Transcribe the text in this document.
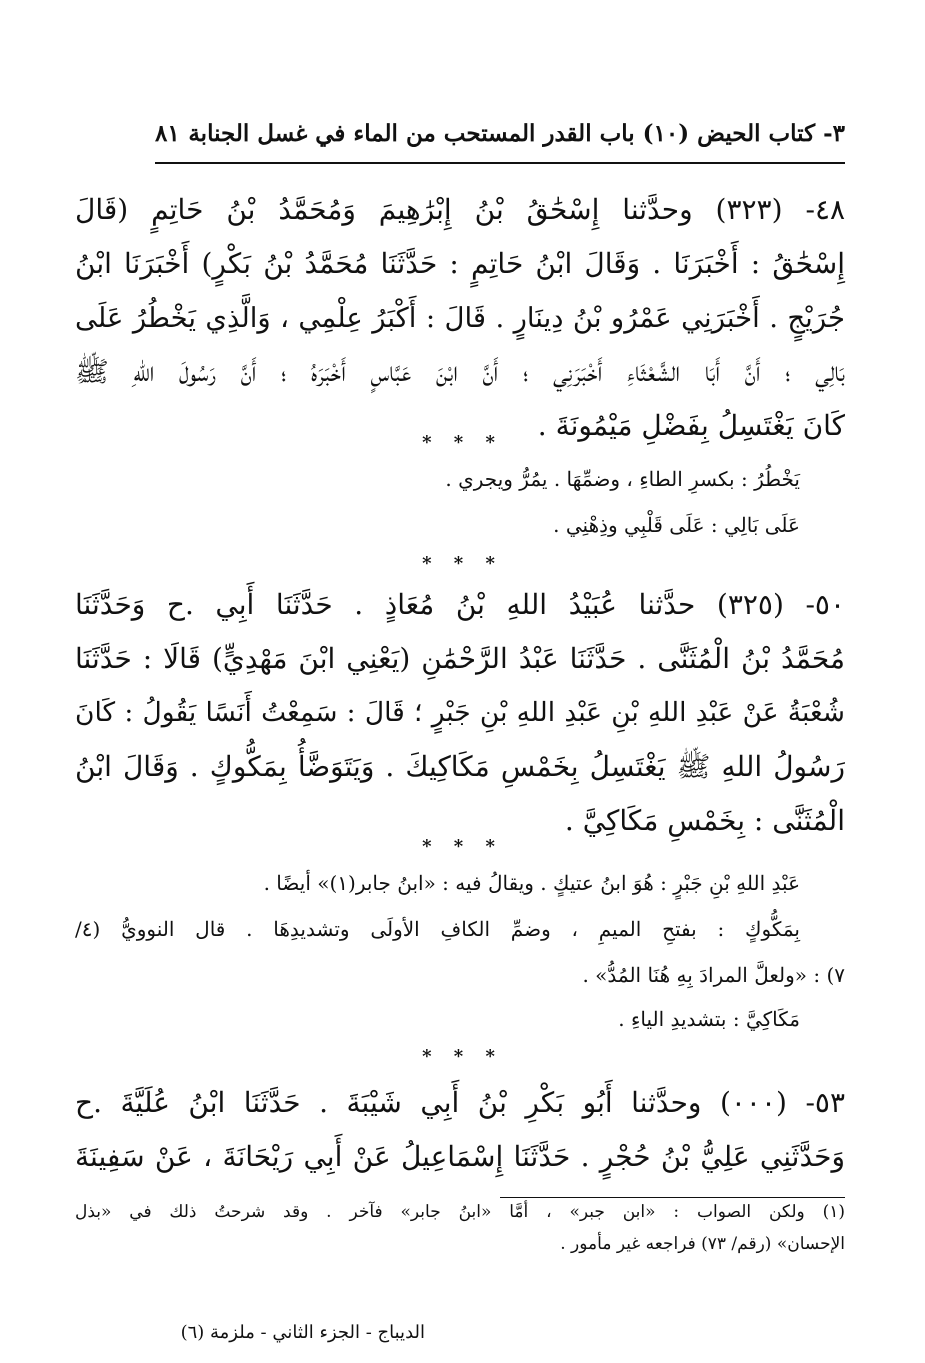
٣- كتاب الحيض (١٠) باب القدر المستحب من الماء في غسل الجنابة
٨١
٤٨- (٣٢٣) وحدَّثنا إِسْحَٰقُ بْنُ إِبْرَٰهِيمَ وَمُحَمَّدُ بْنُ حَاتِمٍ (قَالَ
إِسْحَٰقُ : أَخْبَرَنَا . وَقَالَ ابْنُ حَاتِمٍ : حَدَّثَنَا مُحَمَّدُ بْنُ بَكْرٍ) أَخْبَرَنَا ابْنُ
جُرَيْجٍ . أَخْبَرَنِي عَمْرُو بْنُ دِينَارٍ . قَالَ : أَكْبَرُ عِلْمِي ، وَالَّذِي يَخْطُرُ عَلَى
بَالِي ؛ أَنَّ أَبَا الشَّعْثَاءِ أَخْبَرَنِي ؛ أَنَّ ابْنَ عَبَّاسٍ أَخْبَرَهُ ؛ أَنَّ رَسُولَ اللهِ ﷺ
كَانَ يَغْتَسِلُ بِفَضْلِ مَيْمُونَةَ .
* * *
يَخْطُرُ : بكسرِ الطاءِ ، وضمِّهَا . يمُرُّ ويجري .
عَلَى بَالِي : عَلَى قَلْبِي وذِهْنِي .
* * *
٥٠- (٣٢٥) حدَّثنا عُبَيْدُ اللهِ بْنُ مُعَاذٍ . حَدَّثَنَا أَبِي .ح وَحَدَّثَنَا
مُحَمَّدُ بْنُ الْمُثَنَّى . حَدَّثَنَا عَبْدُ الرَّحْمَٰنِ (يَعْنِي ابْنَ مَهْدِيٍّ) قَالَا : حَدَّثَنَا
شُعْبَةُ عَنْ عَبْدِ اللهِ بْنِ عَبْدِ اللهِ بْنِ جَبْرٍ ؛ قَالَ : سَمِعْتُ أَنَسًا يَقُولُ : كَانَ
رَسُولُ اللهِ ﷺ يَغْتَسِلُ بِخَمْسِ مَكَاكِيكَ . وَيَتَوَضَّأُ بِمَكُّوكٍ . وَقَالَ ابْنُ
الْمُثَنَّى : بِخَمْسِ مَكَاكِيَّ .
* * *
عَبْدِ اللهِ بْنِ جَبْرٍ : هُوَ ابنُ عتيكٍ . ويقالُ فيه : «ابنُ جابر(١)» أيضًا .
بِمَكُّوكٍ : بفتحِ الميمِ ، وضمِّ الكافِ الأولَى وتشديدِهَا . قال النوويُّ (٤/
٧) : «ولعلَّ المرادَ بِهِ هُنَا المُدُّ» .
مَكَاكِيَّ : بتشديدِ الياءِ .
* * *
٥٣- (٠٠٠) وحدَّثنا أَبُو بَكْرِ بْنُ أَبِي شَيْبَةَ . حَدَّثَنَا ابْنُ عُلَيَّةَ .ح
وَحَدَّثَنِي عَلِيُّ بْنُ حُجْرٍ . حَدَّثَنَا إِسْمَاعِيلُ عَنْ أَبِي رَيْحَانَةَ ، عَنْ سَفِينَةَ
(١) ولكن الصواب : «ابن جبر» ، أمَّا «ابنُ جابر» فآخر . وقد شرحتُ ذلك في «بذل
الإحسان» (رقم/ ٧٣) فراجعه غير مأمور .
الديباج - الجزء الثاني - ملزمة (٦)
